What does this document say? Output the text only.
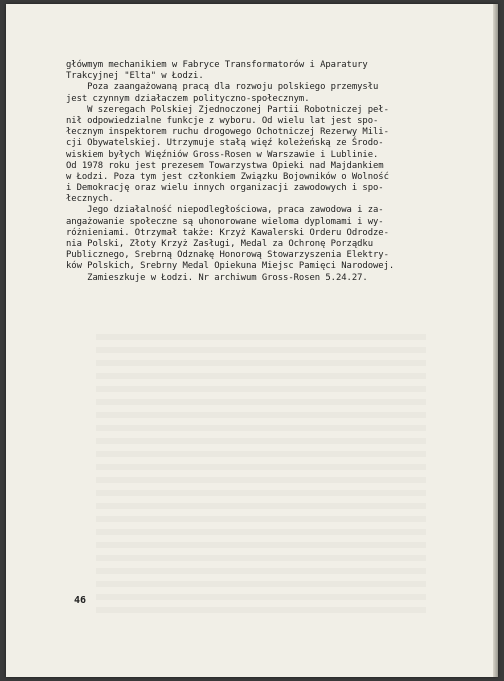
główmym mechanikiem w Fabryce Transformatorów i Aparatury
Trakcyjnej "Elta" w Łodzi.
Poza zaangażowaną pracą dla rozwoju polskiego przemysłu
jest czynnym działaczem polityczno-społecznym.
W szeregach Polskiej Zjednoczonej Partii Robotniczej peł-
nił odpowiedzialne funkcje z wyboru. Od wielu lat jest spo-
łecznym inspektorem ruchu drogowego Ochotniczej Rezerwy Mili-
cji Obywatelskiej. Utrzymuje stałą więź koleżeńską ze Środo-
wiskiem byłych Więźniów Gross-Rosen w Warszawie i Lublinie.
Od 1978 roku jest prezesem Towarzystwa Opieki nad Majdankiem
w Łodzi. Poza tym jest członkiem Związku Bojowników o Wolność
i Demokrację oraz wielu innych organizacji zawodowych i spo-
łecznych.
Jego działalność niepodległościowa, praca zawodowa i za-
angażowanie społeczne są uhonorowane wieloma dyplomami i wy-
różnieniami. Otrzymał także: Krzyż Kawalerski Orderu Odrodze-
nia Polski, Złoty Krzyż Zasługi, Medal za Ochronę Porządku
Publicznego, Srebrną Odznakę Honorową Stowarzyszenia Elektry-
ków Polskich, Srebrny Medal Opiekuna Miejsc Pamięci Narodowej.
Zamieszkuje w Łodzi. Nr archiwum Gross-Rosen 5.24.27.
46
